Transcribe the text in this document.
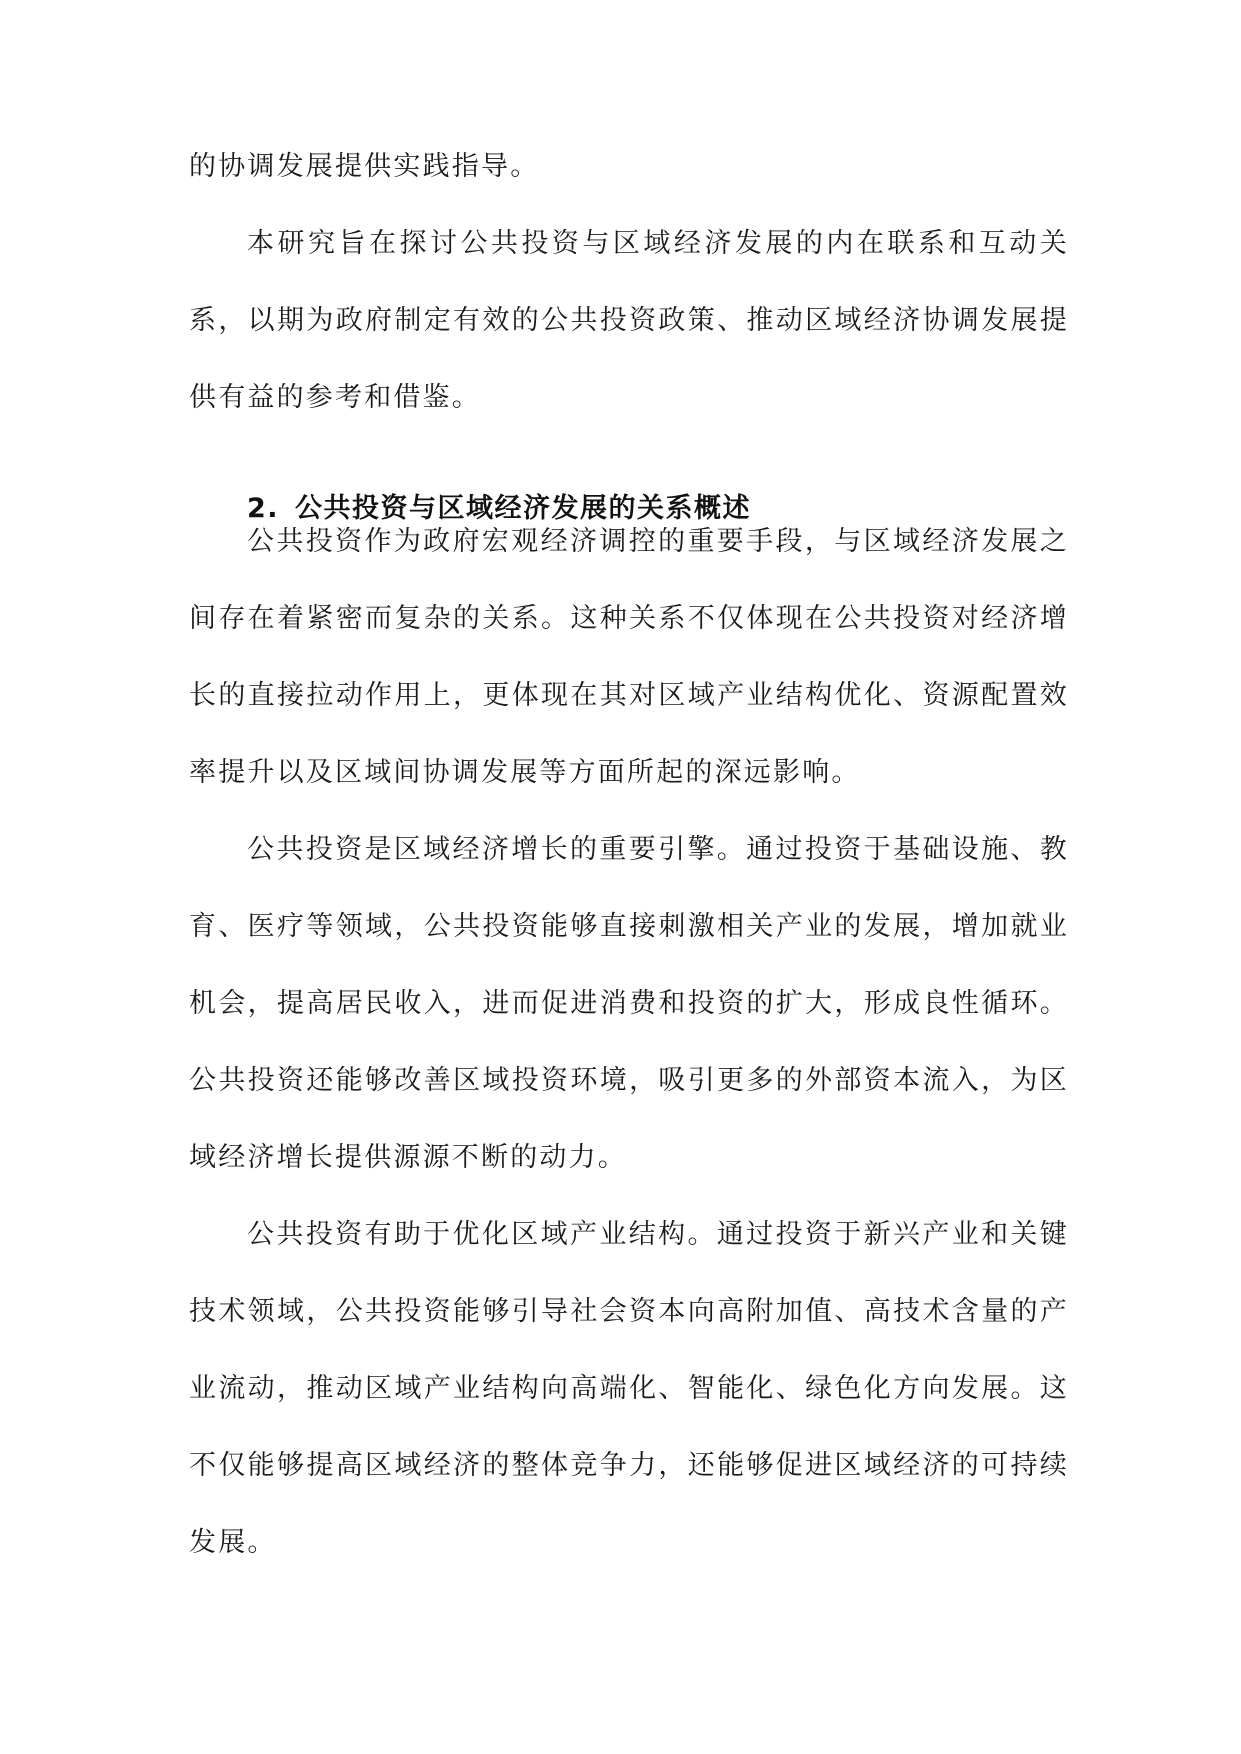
的协调发展提供实践指导。

本研究旨在探讨公共投资与区域经济发展的内在联系和互动关系，以期为政府制定有效的公共投资政策、推动区域经济协调发展提供有益的参考和借鉴。

2. 公共投资与区域经济发展的关系概述

公共投资作为政府宏观经济调控的重要手段，与区域经济发展之间存在着紧密而复杂的关系。这种关系不仅体现在公共投资对经济增长的直接拉动作用上，更体现在其对区域产业结构优化、资源配置效率提升以及区域间协调发展等方面所起的深远影响。

公共投资是区域经济增长的重要引擎。通过投资于基础设施、教育、医疗等领域，公共投资能够直接刺激相关产业的发展，增加就业机会，提高居民收入，进而促进消费和投资的扩大，形成良性循环。公共投资还能够改善区域投资环境，吸引更多的外部资本流入，为区域经济增长提供源源不断的动力。

公共投资有助于优化区域产业结构。通过投资于新兴产业和关键技术领域，公共投资能够引导社会资本向高附加值、高技术含量的产业流动，推动区域产业结构向高端化、智能化、绿色化方向发展。这不仅能够提高区域经济的整体竞争力，还能够促进区域经济的可持续发展。
